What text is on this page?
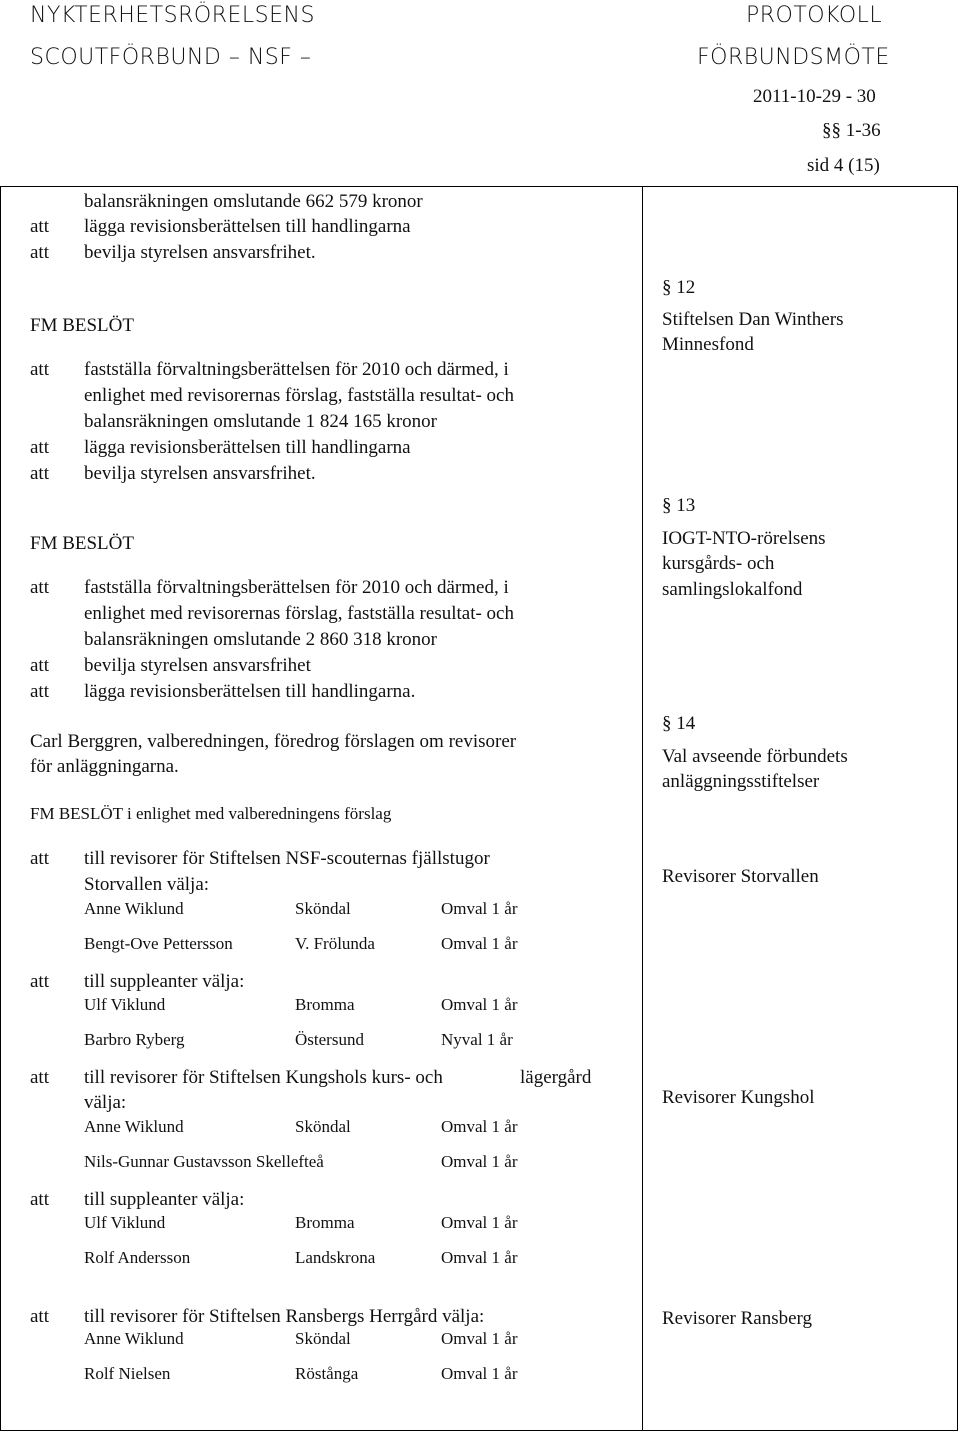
NYKTERHETSRÖRELSENS
SCOUTFÖRBUND – NSF –
PROTOKOLL
FÖRBUNDSMÖTE
2011-10-29 - 30
§§ 1-36
sid 4 (15)
balansräkningen omslutande 662 579 kronor
att lägga revisionsberättelsen till handlingarna
att bevilja styrelsen ansvarsfrihet.
FM BESLÖT
att fastställa förvaltningsberättelsen för 2010 och därmed, i
enlighet med revisorernas förslag, fastställa resultat- och
balansräkningen omslutande 1 824 165 kronor
att lägga revisionsberättelsen till handlingarna
att bevilja styrelsen ansvarsfrihet.
FM BESLÖT
att fastställa förvaltningsberättelsen för 2010 och därmed, i
enlighet med revisorernas förslag, fastställa resultat- och
balansräkningen omslutande 2 860 318 kronor
att bevilja styrelsen ansvarsfrihet
att lägga revisionsberättelsen till handlingarna.
Carl Berggren, valberedningen, föredrog förslagen om revisorer
för anläggningarna.
FM BESLÖT i enlighet med valberedningens förslag
att till revisorer för Stiftelsen NSF-scouternas fjällstugor
Storvallen välja:
Anne Wiklund	Sköndal	Omval 1 år
Bengt-Ove Pettersson	V. Frölunda	Omval 1 år
att till suppleanter välja:
Ulf Viklund	Bromma	Omval 1 år
Barbro Ryberg	Östersund	Nyval 1 år
att till revisorer för Stiftelsen Kungshols kurs- och	lägergård
välja:
Anne Wiklund	Sköndal	Omval 1 år
Nils-Gunnar Gustavsson Skellefteå	Omval 1 år
att till suppleanter välja:
Ulf Viklund	Bromma	Omval 1 år
Rolf Andersson	Landskrona	Omval 1 år
att till revisorer för Stiftelsen Ransbergs Herrgård välja:
Anne Wiklund	Sköndal	Omval 1 år
Rolf Nielsen	Röstånga	Omval 1 år
§ 12
Stiftelsen Dan Winthers
Minnesfond
§ 13
IOGT-NTO-rörelsens
kursgårds- och
samlingslokalfond
§ 14
Val avseende förbundets
anläggningsstiftelser
Revisorer Storvallen
Revisorer Kungshol
Revisorer Ransberg
